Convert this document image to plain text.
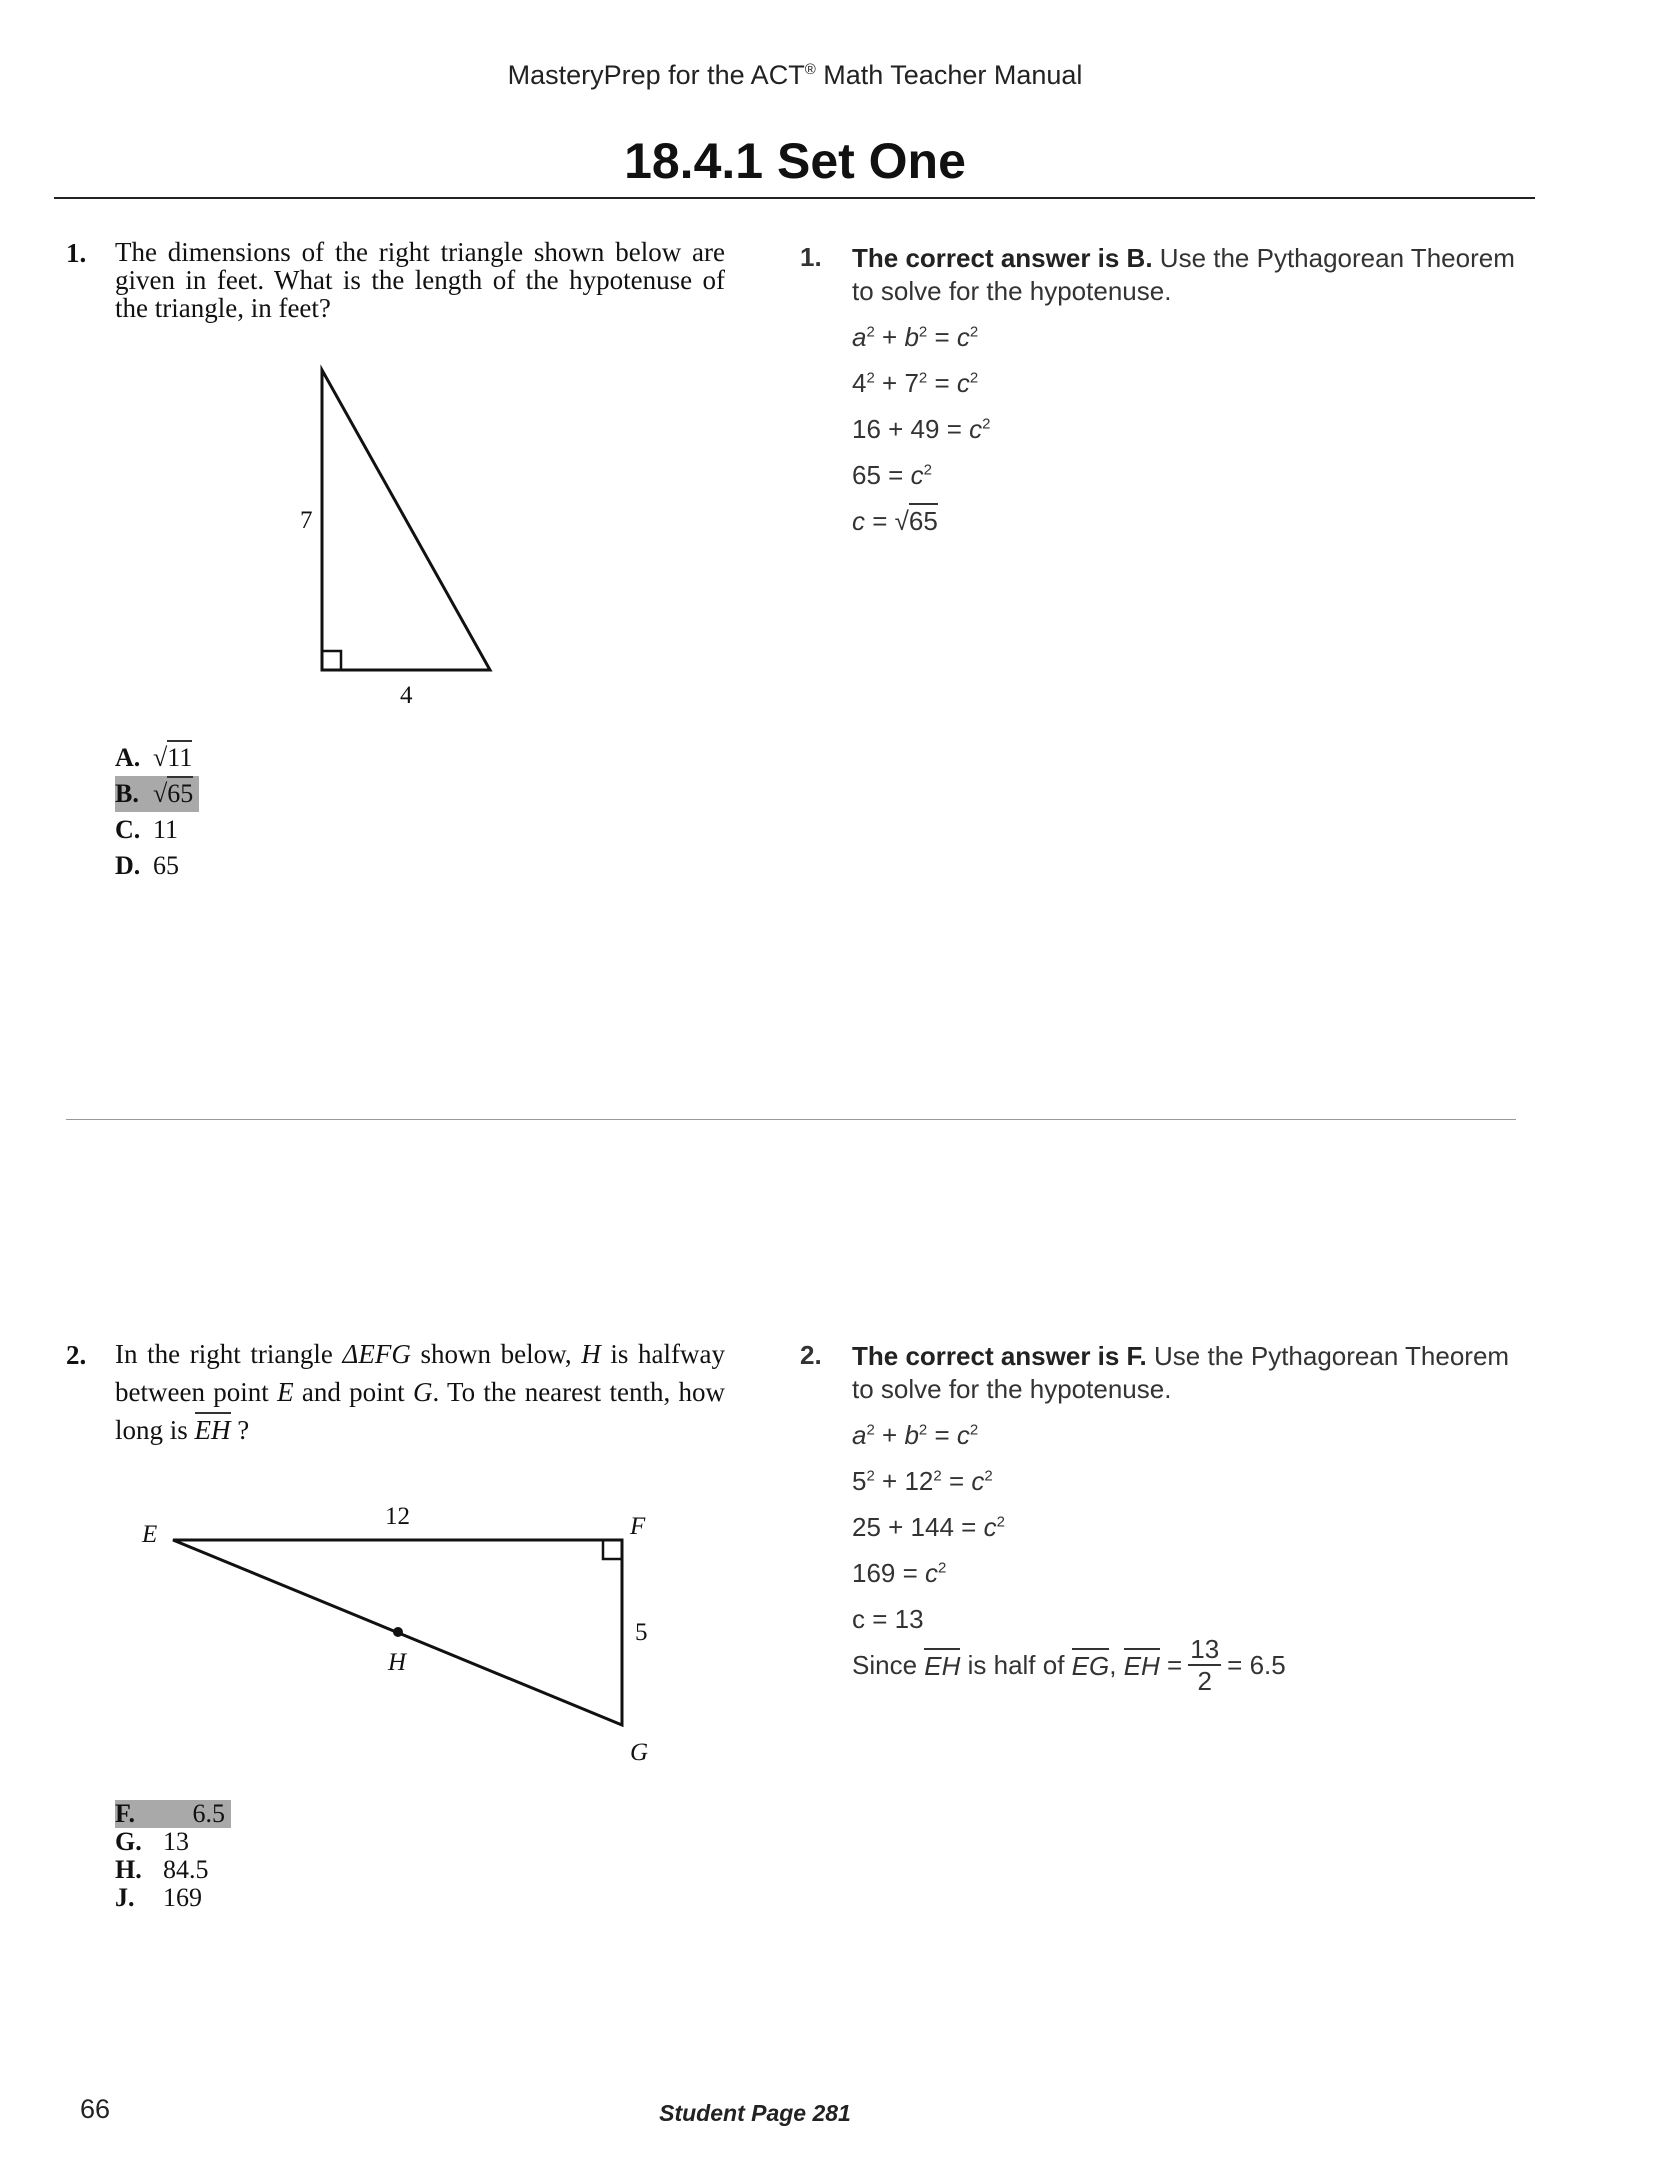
MasteryPrep for the ACT® Math Teacher Manual
18.4.1 Set One
1. The dimensions of the right triangle shown below are given in feet. What is the length of the hypotenuse of the triangle, in feet?
7
4
A. √11
B. √65
C. 11
D. 65
1. The correct answer is B. Use the Pythagorean Theorem to solve for the hypotenuse.
$a^2 + b^2 = c^2$
$4^2 + 7^2 = c^2$
$16 + 49 = c^2$
$65 = c^2$
c = √65
2. In the right triangle ΔEFG shown below, H is halfway between point E and point G. To the nearest tenth, how long is EH ?
E	F
G
H
12
5
F. 6.5
G. 13
H. 84.5
J. 169
2. The correct answer is F. Use the Pythagorean Theorem to solve for the hypotenuse.
$a^2 + b^2 = c^2$
$5^2 + 12^2 = c^2$
$25 + 144 = c^2$
$169 = c^2$
c = 13
Since EH is half of EG , EH = $\frac{13}{2} = 6.5$
66	Student Page 281
